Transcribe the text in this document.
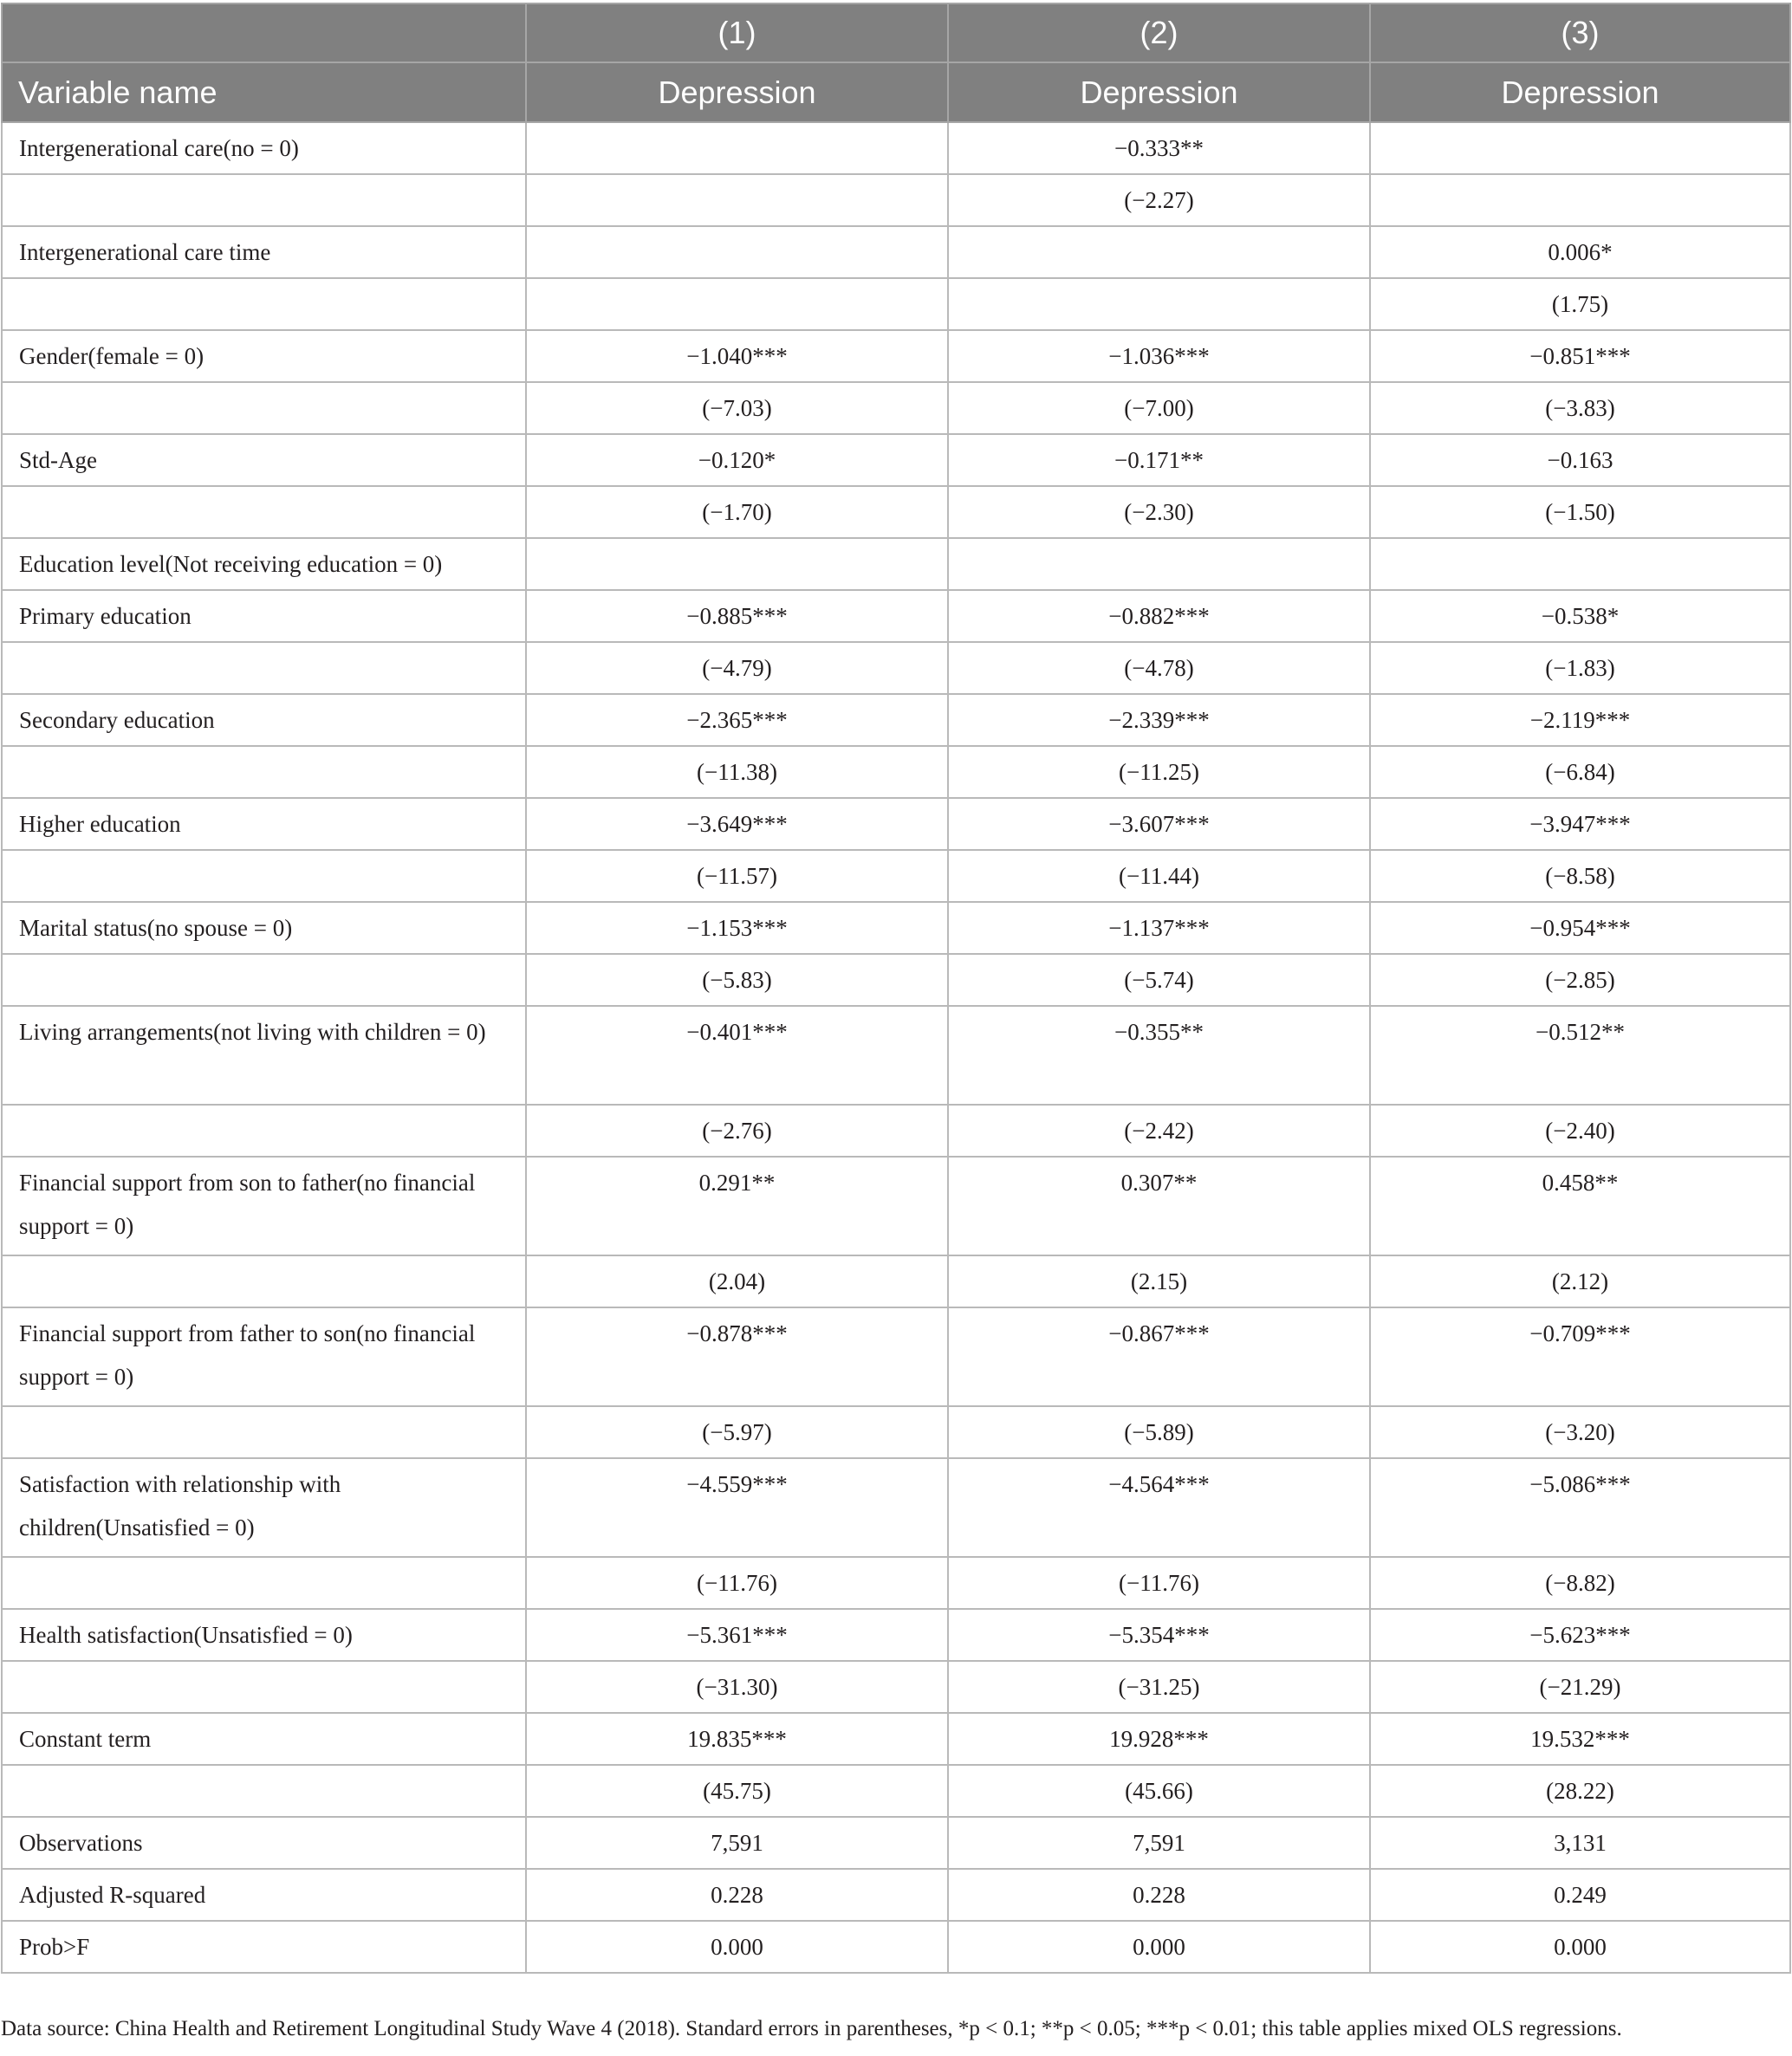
	(1)	(2)	(3)
Variable name	Depression	Depression	Depression
Intergenerational care(no = 0)		−0.333**	
		(−2.27)	
Intergenerational care time			0.006*
			(1.75)
Gender(female = 0)	−1.040***	−1.036***	−0.851***
	(−7.03)	(−7.00)	(−3.83)
Std-Age	−0.120*	−0.171**	−0.163
	(−1.70)	(−2.30)	(−1.50)
Education level(Not receiving education = 0)			
Primary education	−0.885***	−0.882***	−0.538*
	(−4.79)	(−4.78)	(−1.83)
Secondary education	−2.365***	−2.339***	−2.119***
	(−11.38)	(−11.25)	(−6.84)
Higher education	−3.649***	−3.607***	−3.947***
	(−11.57)	(−11.44)	(−8.58)
Marital status(no spouse = 0)	−1.153***	−1.137***	−0.954***
	(−5.83)	(−5.74)	(−2.85)
Living arrangements(not living with children = 0)	−0.401***	−0.355**	−0.512**
	(−2.76)	(−2.42)	(−2.40)
Financial support from son to father(no financial support = 0)	0.291**	0.307**	0.458**
	(2.04)	(2.15)	(2.12)
Financial support from father to son(no financial support = 0)	−0.878***	−0.867***	−0.709***
	(−5.97)	(−5.89)	(−3.20)
Satisfaction with relationship with children(Unsatisfied = 0)	−4.559***	−4.564***	−5.086***
	(−11.76)	(−11.76)	(−8.82)
Health satisfaction(Unsatisfied = 0)	−5.361***	−5.354***	−5.623***
	(−31.30)	(−31.25)	(−21.29)
Constant term	19.835***	19.928***	19.532***
	(45.75)	(45.66)	(28.22)
Observations	7,591	7,591	3,131
Adjusted R-squared	0.228	0.228	0.249
Prob>F	0.000	0.000	0.000
Data source: China Health and Retirement Longitudinal Study Wave 4 (2018). Standard errors in parentheses, *p < 0.1; **p < 0.05; ***p < 0.01; this table applies mixed OLS regressions.
